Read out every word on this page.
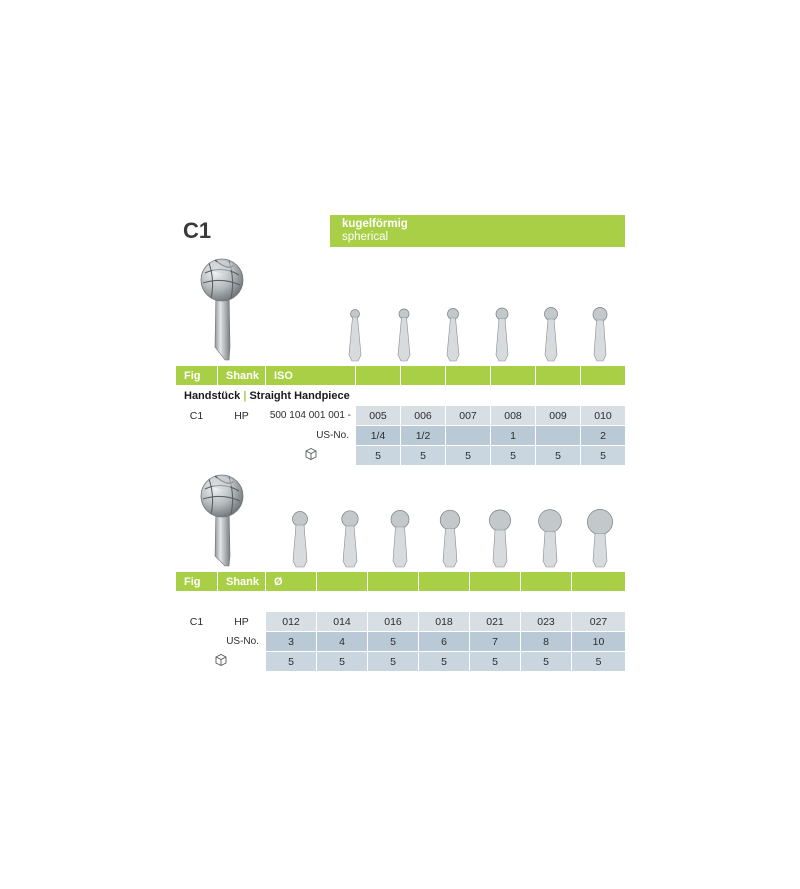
C1	kugelförmig
spherical
Fig	Shank	ISO						
Handstück | Straight Handpiece								
C1	HP	500 104 001 001 -	005	006	007	008	009	010
		US-No.	1/4	1/2		1		2

	5	5	5	5	5	5
Fig	Shank	Ø						

C1	HP	012	014	016	018	021	023	027
US-No.		3	4	5	6	7	8	10

	5	5	5	5	5	5	5
